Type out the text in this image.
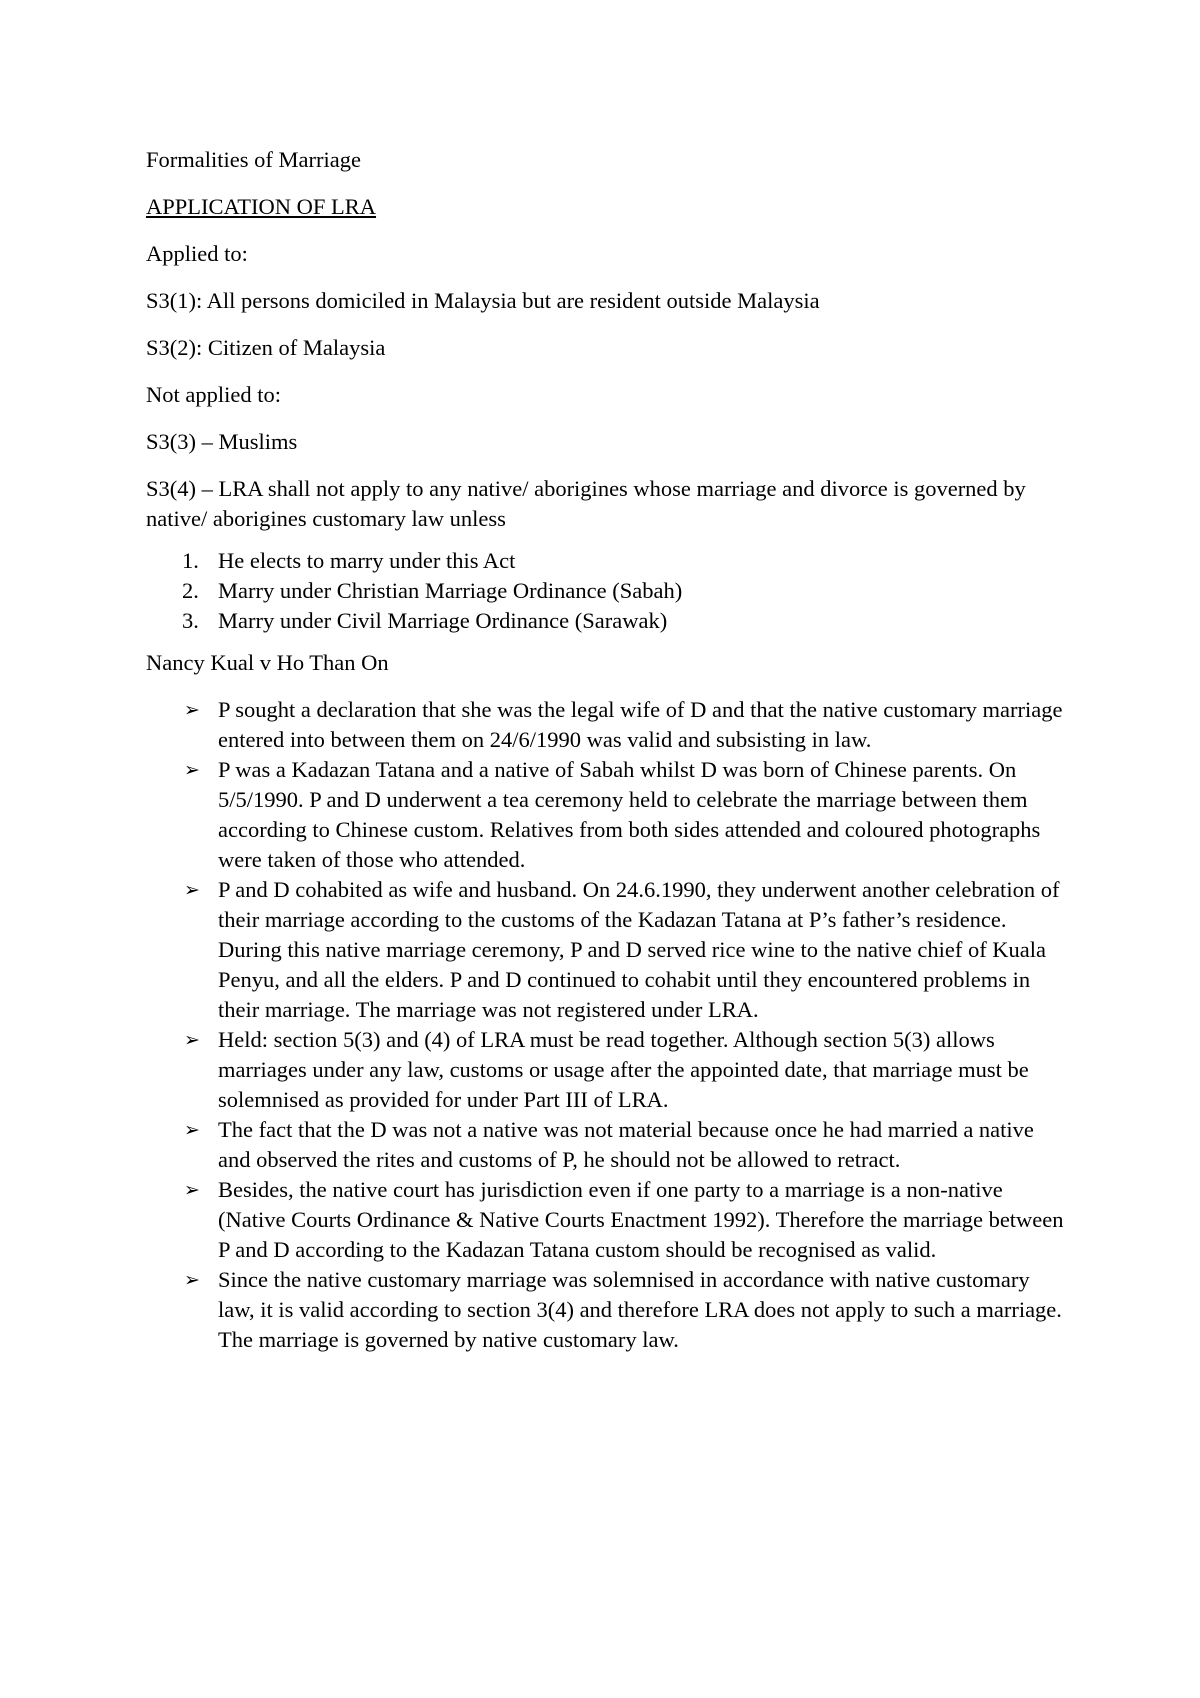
Formalities of Marriage

APPLICATION OF LRA

Applied to:

S3(1): All persons domiciled in Malaysia but are resident outside Malaysia

S3(2): Citizen of Malaysia

Not applied to:

S3(3) – Muslims

S3(4) – LRA shall not apply to any native/ aborigines whose marriage and divorce is governed by native/ aborigines customary law unless

1. He elects to marry under this Act
2. Marry under Christian Marriage Ordinance (Sabah)
3. Marry under Civil Marriage Ordinance (Sarawak)

Nancy Kual v Ho Than On

➢ P sought a declaration that she was the legal wife of D and that the native customary marriage entered into between them on 24/6/1990 was valid and subsisting in law.
➢ P was a Kadazan Tatana and a native of Sabah whilst D was born of Chinese parents. On 5/5/1990. P and D underwent a tea ceremony held to celebrate the marriage between them according to Chinese custom. Relatives from both sides attended and coloured photographs were taken of those who attended.
➢ P and D cohabited as wife and husband. On 24.6.1990, they underwent another celebration of their marriage according to the customs of the Kadazan Tatana at P’s father’s residence. During this native marriage ceremony, P and D served rice wine to the native chief of Kuala Penyu, and all the elders. P and D continued to cohabit until they encountered problems in their marriage. The marriage was not registered under LRA.
➢ Held: section 5(3) and (4) of LRA must be read together. Although section 5(3) allows marriages under any law, customs or usage after the appointed date, that marriage must be solemnised as provided for under Part III of LRA.
➢ The fact that the D was not a native was not material because once he had married a native and observed the rites and customs of P, he should not be allowed to retract.
➢ Besides, the native court has jurisdiction even if one party to a marriage is a non-native (Native Courts Ordinance & Native Courts Enactment 1992). Therefore the marriage between P and D according to the Kadazan Tatana custom should be recognised as valid.
➢ Since the native customary marriage was solemnised in accordance with native customary law, it is valid according to section 3(4) and therefore LRA does not apply to such a marriage. The marriage is governed by native customary law.
